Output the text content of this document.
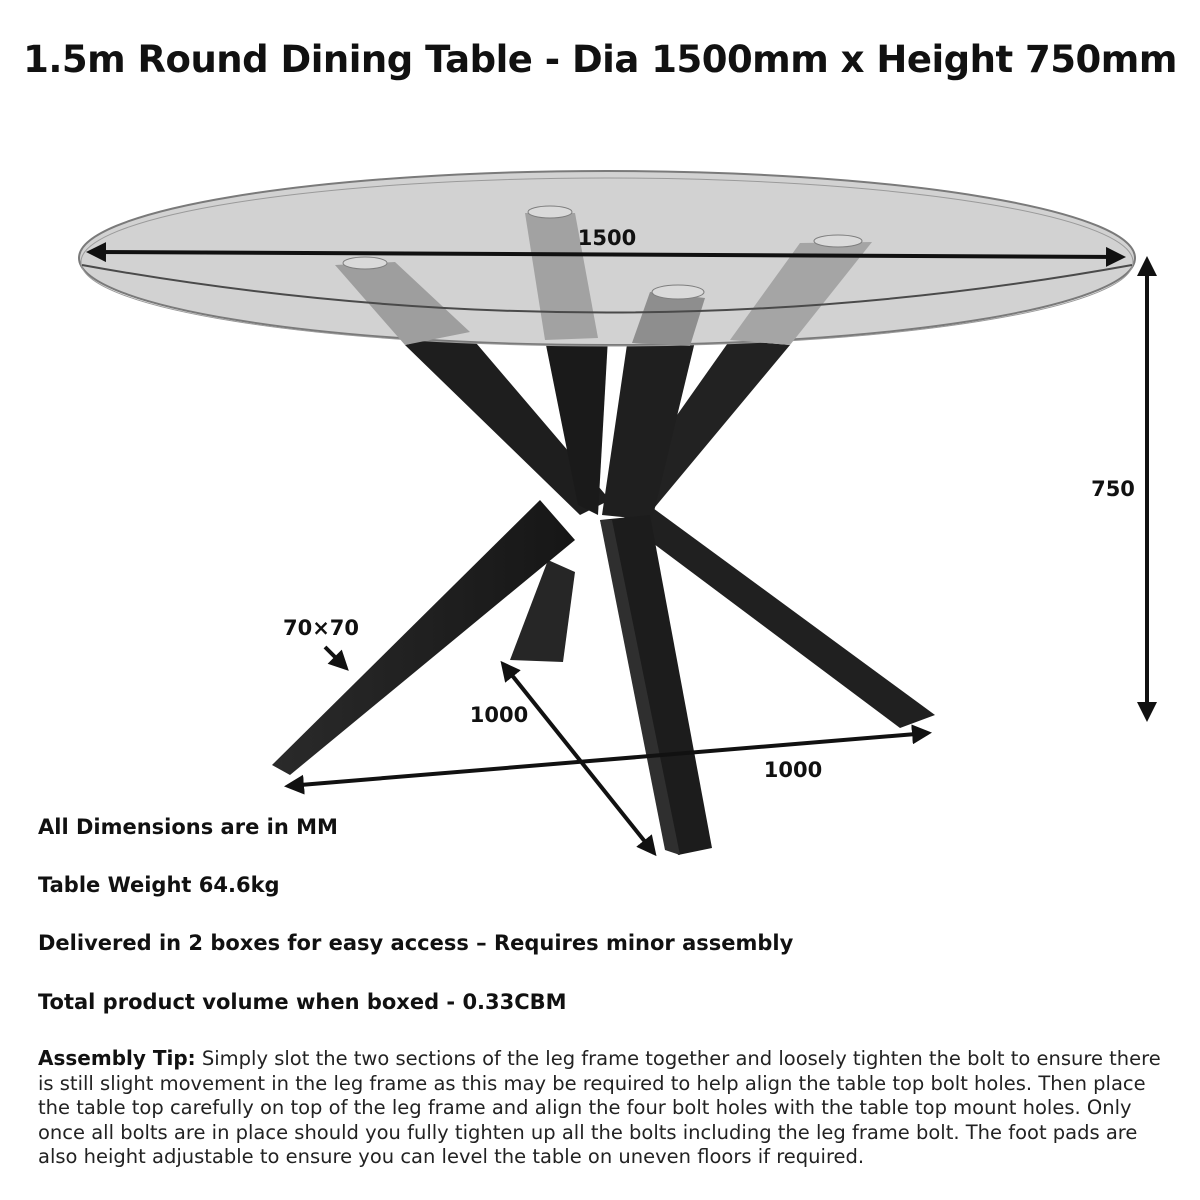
1.5m Round Dining Table - Dia 1500mm x Height 750mm
1500
750
70×70
1000
1000
All Dimensions are in MM
Table Weight 64.6kg
Delivered in 2 boxes for easy access – Requires minor assembly
Total product volume when boxed - 0.33CBM
Assembly Tip: Simply slot the two sections of the leg frame together and loosely tighten the bolt to ensure there is still slight movement in the leg frame as this may be required to help align the table top bolt holes. Then place the table top carefully on top of the leg frame and align the four bolt holes with the table top mount holes. Only once all bolts are in place should you fully tighten up all the bolts including the leg frame bolt. The foot pads are also height adjustable to ensure you can level the table on uneven floors if required.
